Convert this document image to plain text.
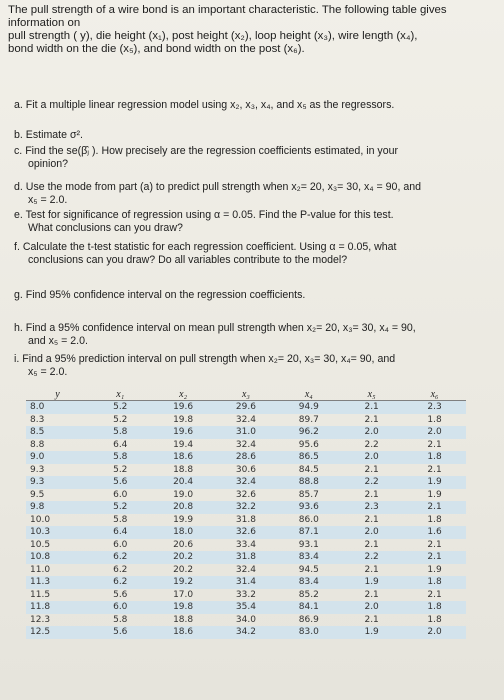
The pull strength of a wire bond is an important characteristic. The following table gives information on

pull strength ( y), die height (x₁), post height (x₂), loop height (x₃), wire length (x₄),

bond width on the die (x₅), and bond width on the post (x₆).

a. Fit a multiple linear regression model using x₂, x₃, x₄, and x₅ as the regressors.
b. Estimate σ².
c. Find the se(β̂ⱼ ). How precisely are the regression coefficients estimated, in your
opinion?
d. Use the mode from part (a) to predict pull strength when x₂= 20, x₃= 30, x₄ = 90, and
x₅ = 2.0.
e. Test for significance of regression using α = 0.05. Find the P-value for this test.
What conclusions can you draw?
f. Calculate the t-test statistic for each regression coefficient. Using α = 0.05, what
conclusions can you draw? Do all variables contribute to the model?
g. Find 95% confidence interval on the regression coefficients.
h. Find a 95% confidence interval on mean pull strength when x₂= 20, x₃= 30, x₄ = 90,
and x₅ = 2.0.
i. Find a 95% prediction interval on pull strength when x₂= 20, x₃= 30, x₄= 90, and
x₅ = 2.0.
y	x₁	x₂	x₃	x₄	x₅	x₆
8.0	5.2	19.6	29.6	94.9	2.1	2.3
8.3	5.2	19.8	32.4	89.7	2.1	1.8
8.5	5.8	19.6	31.0	96.2	2.0	2.0
8.8	6.4	19.4	32.4	95.6	2.2	2.1
9.0	5.8	18.6	28.6	86.5	2.0	1.8
9.3	5.2	18.8	30.6	84.5	2.1	2.1
9.3	5.6	20.4	32.4	88.8	2.2	1.9
9.5	6.0	19.0	32.6	85.7	2.1	1.9
9.8	5.2	20.8	32.2	93.6	2.3	2.1
10.0	5.8	19.9	31.8	86.0	2.1	1.8
10.3	6.4	18.0	32.6	87.1	2.0	1.6
10.5	6.0	20.6	33.4	93.1	2.1	2.1
10.8	6.2	20.2	31.8	83.4	2.2	2.1
11.0	6.2	20.2	32.4	94.5	2.1	1.9
11.3	6.2	19.2	31.4	83.4	1.9	1.8
11.5	5.6	17.0	33.2	85.2	2.1	2.1
11.8	6.0	19.8	35.4	84.1	2.0	1.8
12.3	5.8	18.8	34.0	86.9	2.1	1.8
12.5	5.6	18.6	34.2	83.0	1.9	2.0
